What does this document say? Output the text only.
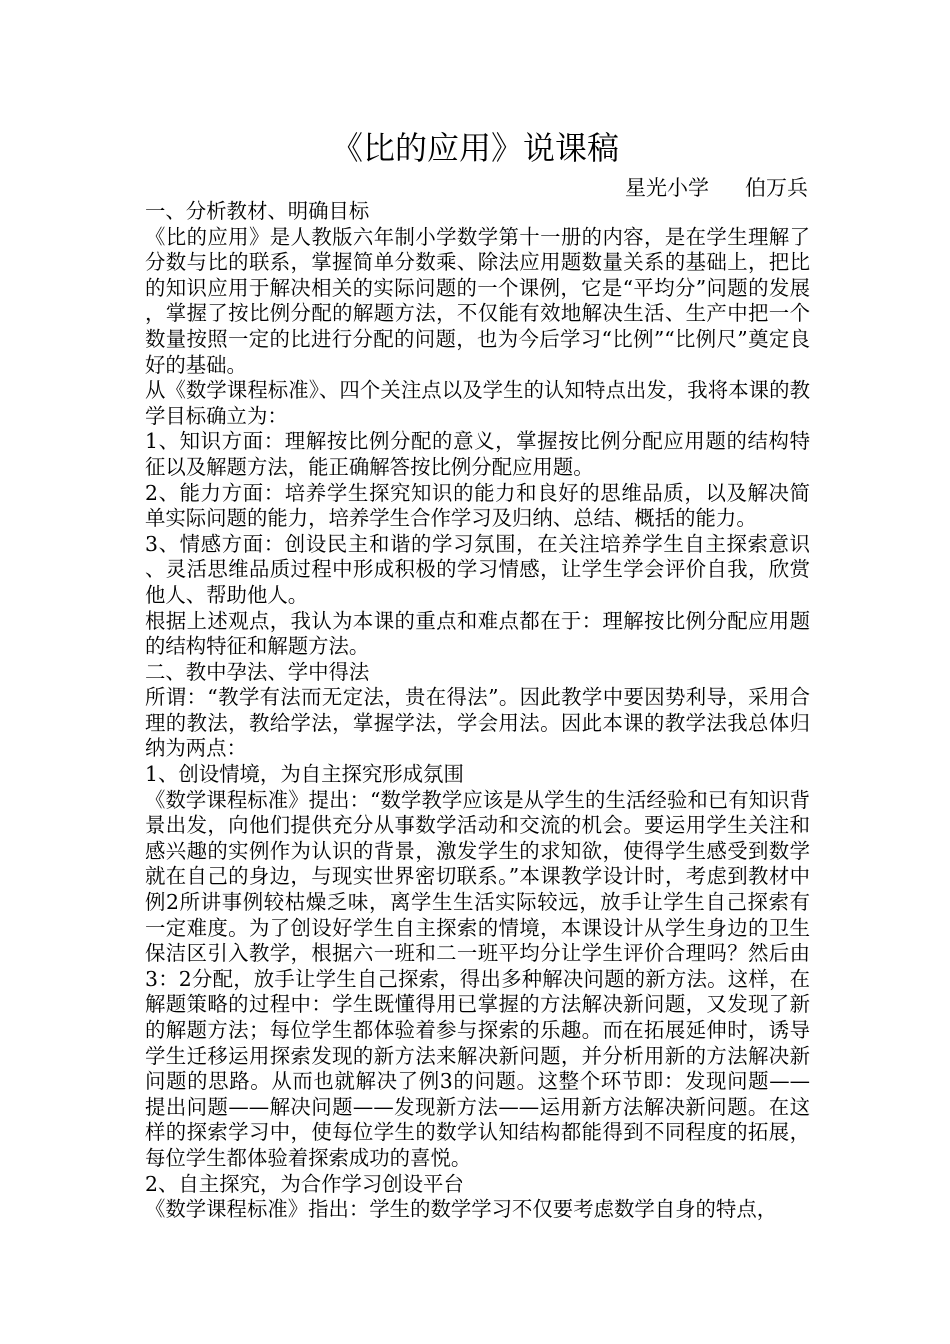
《比的应用》说课稿
星光小学 伯万兵

一、分析教材、明确目标

《比的应用》是人教版六年制小学数学第十一册的内容，是在学生理解了分数与比的联系，掌握简单分数乘、除法应用题数量关系的基础上，把比的知识应用于解决相关的实际问题的一个课例，它是“平均分”问题的发展，掌握了按比例分配的解题方法，不仅能有效地解决生活、生产中把一个数量按照一定的比进行分配的问题，也为今后学习“比例”“比例尺”奠定良好的基础。

从《数学课程标准》、四个关注点以及学生的认知特点出发，我将本课的教学目标确立为：

1、知识方面：理解按比例分配的意义，掌握按比例分配应用题的结构特征以及解题方法，能正确解答按比例分配应用题。

2、能力方面：培养学生探究知识的能力和良好的思维品质，以及解决简单实际问题的能力，培养学生合作学习及归纳、总结、概括的能力。

3、情感方面：创设民主和谐的学习氛围，在关注培养学生自主探索意识、灵活思维品质过程中形成积极的学习情感，让学生学会评价自我，欣赏他人、帮助他人。

根据上述观点，我认为本课的重点和难点都在于：理解按比例分配应用题的结构特征和解题方法。

二、教中孕法、学中得法

所谓：“教学有法而无定法，贵在得法”。因此教学中要因势利导，采用合理的教法，教给学法，掌握学法，学会用法。因此本课的教学法我总体归纳为两点：

1、创设情境，为自主探究形成氛围

《数学课程标准》提出：“数学教学应该是从学生的生活经验和已有知识背景出发，向他们提供充分从事数学活动和交流的机会。要运用学生关注和感兴趣的实例作为认识的背景，激发学生的求知欲，使得学生感受到数学就在自己的身边，与现实世界密切联系。”本课教学设计时，考虑到教材中例2所讲事例较枯燥乏味，离学生生活实际较远，放手让学生自己探索有一定难度。为了创设好学生自主探索的情境，本课设计从学生身边的卫生保洁区引入教学，根据六一班和二一班平均分让学生评价合理吗？然后由3：2分配，放手让学生自己探索，得出多种解决问题的新方法。这样，在解题策略的过程中：学生既懂得用已掌握的方法解决新问题，又发现了新的解题方法；每位学生都体验着参与探索的乐趣。而在拓展延伸时，诱导学生迁移运用探索发现的新方法来解决新问题，并分析用新的方法解决新问题的思路。从而也就解决了例3的问题。这整个环节即：发现问题——提出问题——解决问题——发现新方法——运用新方法解决新问题。在这样的探索学习中，使每位学生的数学认知结构都能得到不同程度的拓展，每位学生都体验着探索成功的喜悦。

2、自主探究，为合作学习创设平台

《数学课程标准》指出：学生的数学学习不仅要考虑数学自身的特点，
